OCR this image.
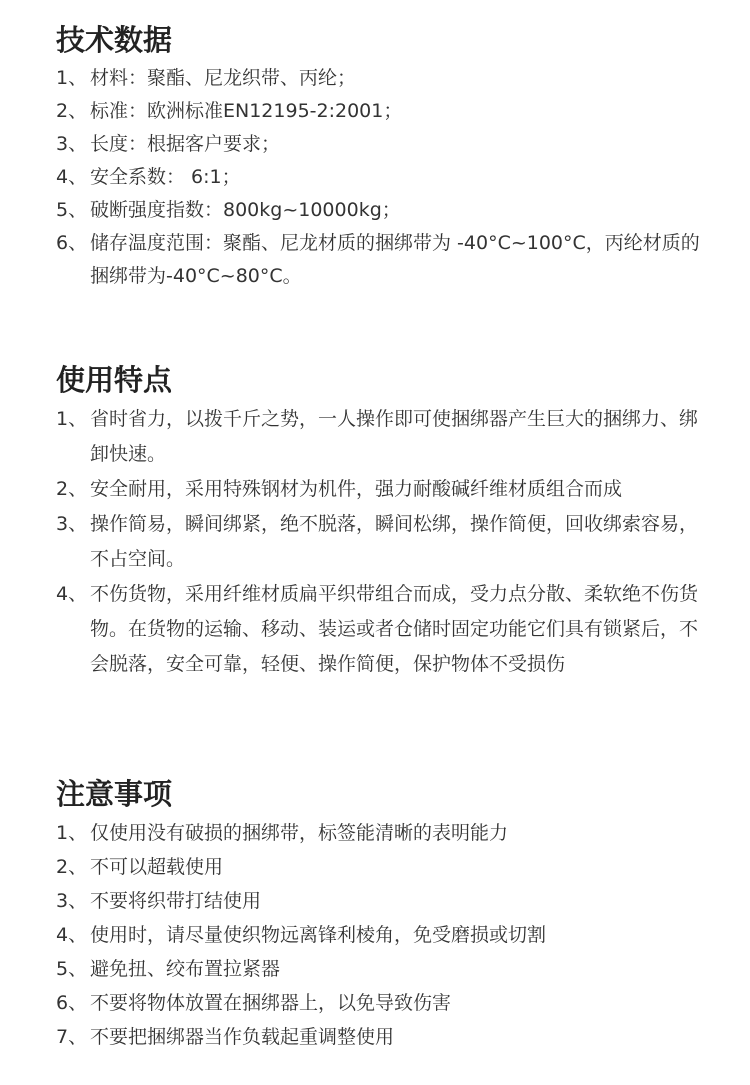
技术数据
1、 材料：聚酯、尼龙织带、丙纶；
2、 标准：欧洲标准EN12195-2:2001；
3、 长度：根据客户要求；
4、 安全系数： 6:1；
5、 破断强度指数：800kg~10000kg；
6、 储存温度范围：聚酯、尼龙材质的捆绑带为 -40°C~100°C，丙纶材质的捆绑带为-40°C~80°C。
使用特点
1、 省时省力，以拨千斤之势，一人操作即可使捆绑器产生巨大的捆绑力、绑卸快速。
2、 安全耐用，采用特殊钢材为机件，强力耐酸碱纤维材质组合而成
3、 操作简易，瞬间绑紧，绝不脱落，瞬间松绑，操作简便，回收绑索容易，不占空间。
4、 不伤货物，采用纤维材质扁平织带组合而成，受力点分散、柔软绝不伤货物。在货物的运输、移动、装运或者仓储时固定功能它们具有锁紧后，不会脱落，安全可靠，轻便、操作简便，保护物体不受损伤
注意事项
1、 仅使用没有破损的捆绑带，标签能清晰的表明能力
2、 不可以超载使用
3、 不要将织带打结使用
4、 使用时，请尽量使织物远离锋利棱角，免受磨损或切割
5、 避免扭、绞布置拉紧器
6、 不要将物体放置在捆绑器上，以免导致伤害
7、 不要把捆绑器当作负载起重调整使用
